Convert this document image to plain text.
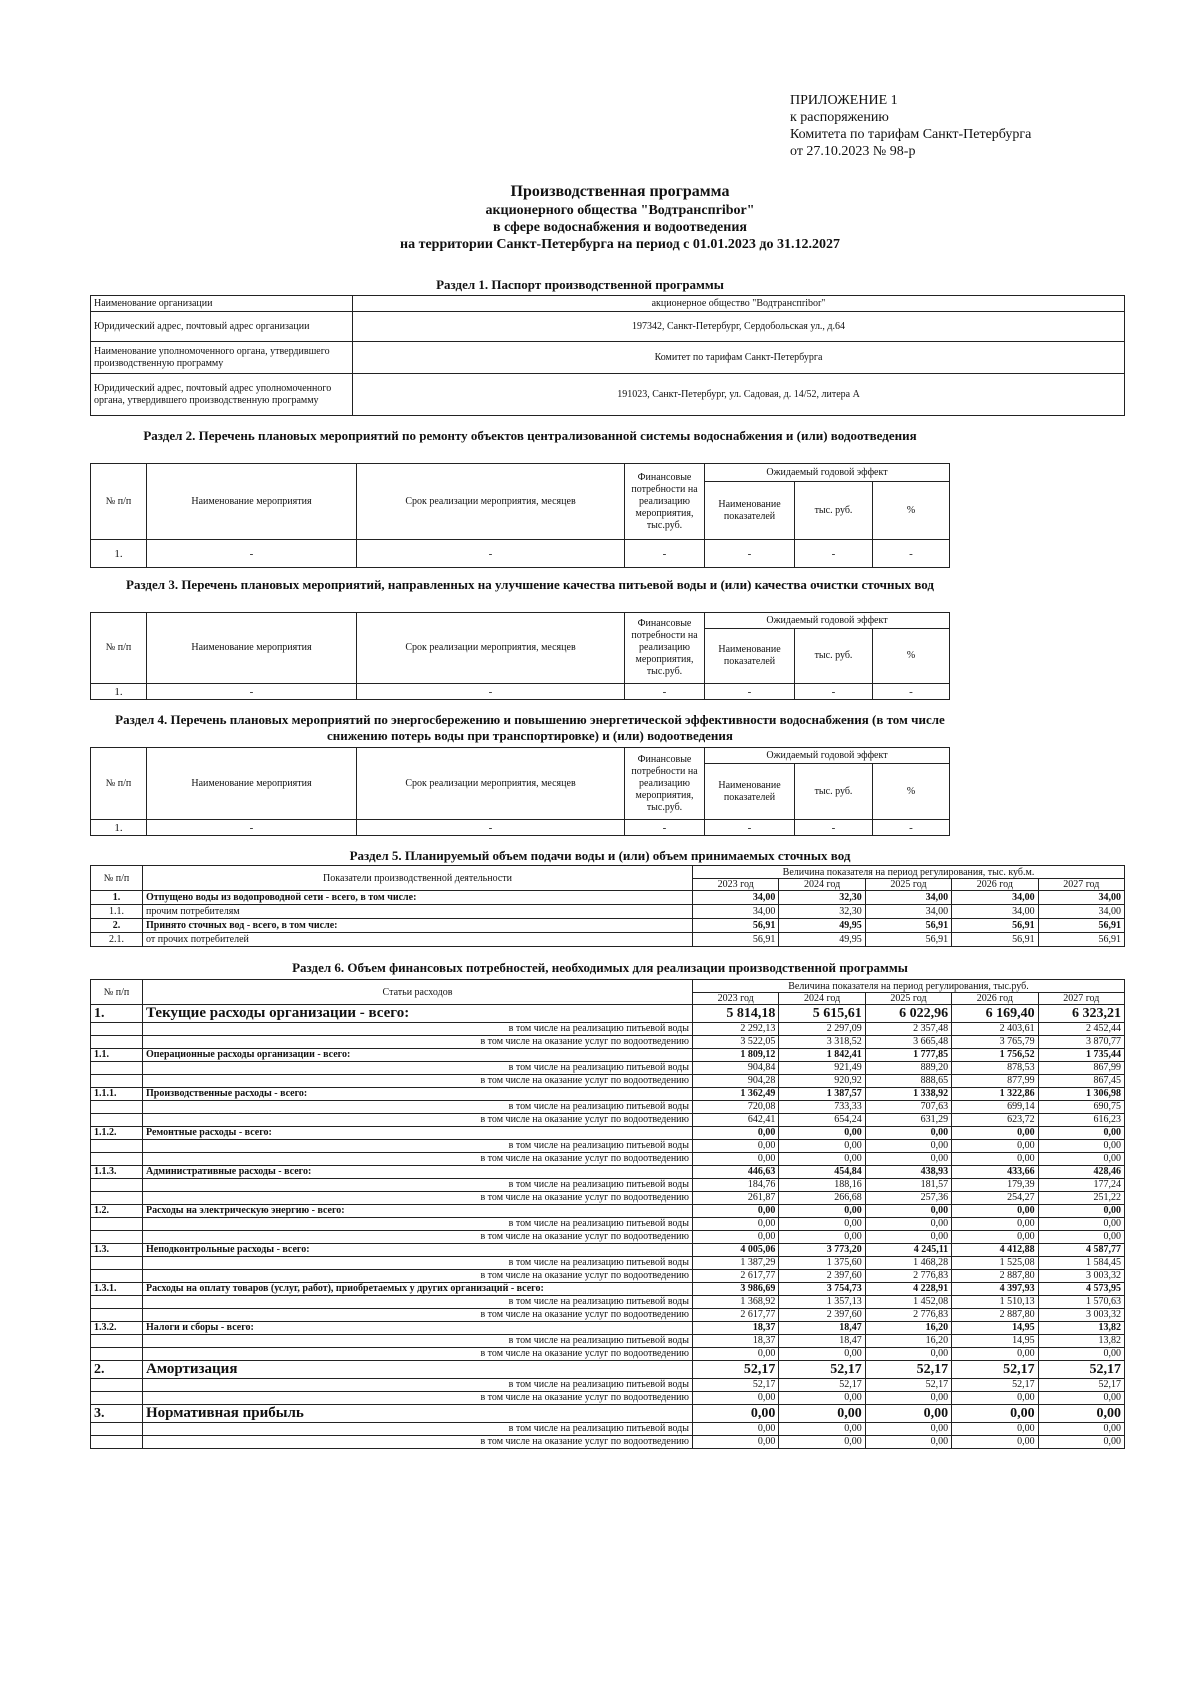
ПРИЛОЖЕНИЕ 1
к распоряжению
Комитета по тарифам Санкт-Петербурга
от 27.10.2023 № 98-р
Производственная программа
акционерного общества "Водтранспribor"
в сфере водоснабжения и водоотведения
на территории Санкт-Петербурга на период с 01.01.2023 до 31.12.2027
Раздел 1. Паспорт производственной программы
Наименование организации	акционерное общество "Водтранспribor"
Юридический адрес, почтовый адрес организации	197342, Санкт-Петербург, Сердобольская ул., д.64
Наименование уполномоченного органа, утвердившего производственную программу	Комитет по тарифам Санкт-Петербурга
Юридический адрес, почтовый адрес уполномоченного органа, утвердившего производственную программу	191023, Санкт-Петербург, ул. Садовая, д. 14/52, литера А
Раздел 2. Перечень плановых мероприятий по ремонту объектов централизованной системы водоснабжения и (или) водоотведения
№ п/п	Наименование мероприятия	Срок реализации мероприятия, месяцев	Финансовые потребности на реализацию мероприятия, тыс.руб.	Ожидаемый годовой эффект		
				Наименование показателей	тыс. руб.	%
1.	-	-	-	-	-	-
Раздел 3. Перечень плановых мероприятий, направленных на улучшение качества питьевой воды и (или) качества очистки сточных вод
№ п/п	Наименование мероприятия	Срок реализации мероприятия, месяцев	Финансовые потребности на реализацию мероприятия, тыс.руб.	Ожидаемый годовой эффект		
				Наименование показателей	тыс. руб.	%
1.	-	-	-	-	-	-
Раздел 4. Перечень плановых мероприятий по энергосбережению и повышению энергетической эффективности водоснабжения (в том числе снижению потерь воды при транспортировке) и (или) водоотведения
№ п/п	Наименование мероприятия	Срок реализации мероприятия, месяцев	Финансовые потребности на реализацию мероприятия, тыс.руб.	Ожидаемый годовой эффект		
				Наименование показателей	тыс. руб.	%
1.	-	-	-	-	-	-
Раздел 5. Планируемый объем подачи воды и (или) объем принимаемых сточных вод
№ п/п	Показатели производственной деятельности	Величина показателя на период регулирования, тыс. куб.м.				
		2023 год	2024 год	2025 год	2026 год	2027 год
1.	Отпущено воды из водопроводной сети - всего, в том числе:	34,00	32,30	34,00	34,00	34,00
1.1.	прочим потребителям	34,00	32,30	34,00	34,00	34,00
2.	Принято сточных вод - всего, в том числе:	56,91	49,95	56,91	56,91	56,91
2.1.	от прочих потребителей	56,91	49,95	56,91	56,91	56,91
Раздел 6. Объем финансовых потребностей, необходимых для реализации производственной программы
№ п/п	Статьи расходов	Величина показателя на период регулирования, тыс.руб.				
		2023 год	2024 год	2025 год	2026 год	2027 год
1.	Текущие расходы организации - всего:	5 814,18	5 615,61	6 022,96	6 169,40	6 323,21
	в том числе на реализацию питьевой воды	2 292,13	2 297,09	2 357,48	2 403,61	2 452,44
	в том числе на оказание услуг по водоотведению	3 522,05	3 318,52	3 665,48	3 765,79	3 870,77
1.1.	Операционные расходы организации - всего:	1 809,12	1 842,41	1 777,85	1 756,52	1 735,44
	в том числе на реализацию питьевой воды	904,84	921,49	889,20	878,53	867,99
	в том числе на оказание услуг по водоотведению	904,28	920,92	888,65	877,99	867,45
1.1.1.	Производственные расходы - всего:	1 362,49	1 387,57	1 338,92	1 322,86	1 306,98
	в том числе на реализацию питьевой воды	720,08	733,33	707,63	699,14	690,75
	в том числе на оказание услуг по водоотведению	642,41	654,24	631,29	623,72	616,23
1.1.2.	Ремонтные расходы - всего:	0,00	0,00	0,00	0,00	0,00
	в том числе на реализацию питьевой воды	0,00	0,00	0,00	0,00	0,00
	в том числе на оказание услуг по водоотведению	0,00	0,00	0,00	0,00	0,00
1.1.3.	Административные расходы - всего:	446,63	454,84	438,93	433,66	428,46
	в том числе на реализацию питьевой воды	184,76	188,16	181,57	179,39	177,24
	в том числе на оказание услуг по водоотведению	261,87	266,68	257,36	254,27	251,22
1.2.	Расходы на электрическую энергию - всего:	0,00	0,00	0,00	0,00	0,00
	в том числе на реализацию питьевой воды	0,00	0,00	0,00	0,00	0,00
	в том числе на оказание услуг по водоотведению	0,00	0,00	0,00	0,00	0,00
1.3.	Неподконтрольные расходы - всего:	4 005,06	3 773,20	4 245,11	4 412,88	4 587,77
	в том числе на реализацию питьевой воды	1 387,29	1 375,60	1 468,28	1 525,08	1 584,45
	в том числе на оказание услуг по водоотведению	2 617,77	2 397,60	2 776,83	2 887,80	3 003,32
1.3.1.	Расходы на оплату товаров (услуг, работ), приобретаемых у других организаций - всего:	3 986,69	3 754,73	4 228,91	4 397,93	4 573,95
	в том числе на реализацию питьевой воды	1 368,92	1 357,13	1 452,08	1 510,13	1 570,63
	в том числе на оказание услуг по водоотведению	2 617,77	2 397,60	2 776,83	2 887,80	3 003,32
1.3.2.	Налоги и сборы - всего:	18,37	18,47	16,20	14,95	13,82
	в том числе на реализацию питьевой воды	18,37	18,47	16,20	14,95	13,82
	в том числе на оказание услуг по водоотведению	0,00	0,00	0,00	0,00	0,00
2.	Амортизация	52,17	52,17	52,17	52,17	52,17
	в том числе на реализацию питьевой воды	52,17	52,17	52,17	52,17	52,17
	в том числе на оказание услуг по водоотведению	0,00	0,00	0,00	0,00	0,00
3.	Нормативная прибыль	0,00	0,00	0,00	0,00	0,00
	в том числе на реализацию питьевой воды	0,00	0,00	0,00	0,00	0,00
	в том числе на оказание услуг по водоотведению	0,00	0,00	0,00	0,00	0,00
